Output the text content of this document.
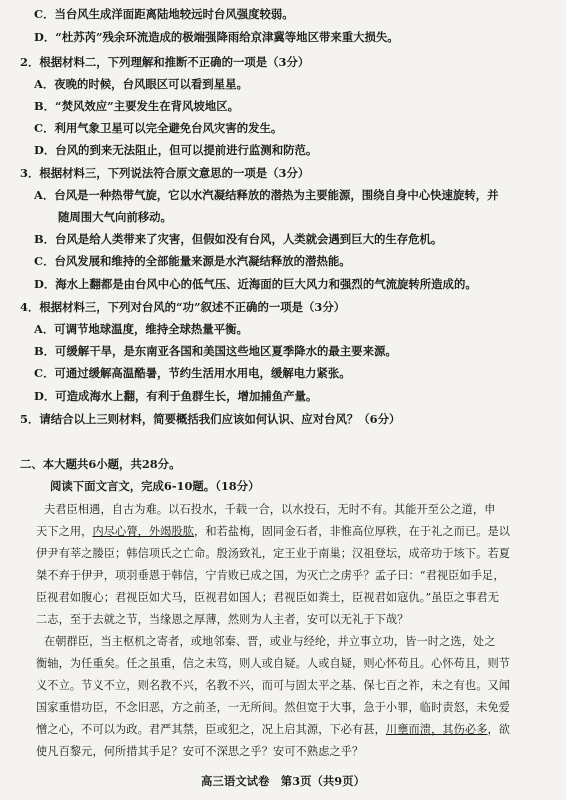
C．当台风生成洋面距离陆地较远时台风强度较弱。
D．“杜苏芮”残余环流造成的极端强降雨给京津冀等地区带来重大损失。
2．根据材料二，下列理解和推断不正确的一项是（3分）
A．夜晚的时候，台风眼区可以看到星星。
B．“焚风效应”主要发生在背风坡地区。
C．利用气象卫星可以完全避免台风灾害的发生。
D．台风的到来无法阻止，但可以提前进行监测和防范。
3．根据材料三，下列说法符合原文意思的一项是（3分）
A．台风是一种热带气旋，它以水汽凝结释放的潜热为主要能源，围绕自身中心快速旋转，并
随周围大气向前移动。
B．台风是给人类带来了灾害，但假如没有台风，人类就会遇到巨大的生存危机。
C．台风发展和维持的全部能量来源是水汽凝结释放的潜热能。
D．海水上翻都是由台风中心的低气压、近海面的巨大风力和强烈的气流旋转所造成的。
4．根据材料三，下列对台风的“功”叙述不正确的一项是（3分）
A．可调节地球温度，维持全球热量平衡。
B．可缓解干旱，是东南亚各国和美国这些地区夏季降水的最主要来源。
C．可通过缓解高温酷暑，节约生活用水用电，缓解电力紧张。
D．可造成海水上翻，有利于鱼群生长，增加捕鱼产量。
5．请结合以上三则材料，简要概括我们应该如何认识、应对台风？（6分）
二、本大题共6小题，共28分。
阅读下面文言文，完成6-10题。（18分）
夫君臣相遇，自古为难。以石投水，千载一合，以水投石，无时不有。其能开至公之道，申
天下之用，内尽心膂，外竭股肱，和若盐梅，固同金石者，非惟高位厚秩，在于礼之而已。是以
伊尹有莘之媵臣；韩信项氏之亡命。殷汤致礼，定王业于南巢；汉祖登坛，成帝功于垓下。若夏
桀不弃于伊尹，项羽垂恩于韩信，宁肯败已成之国，为灭亡之虏乎？孟子曰：“君视臣如手足，
臣视君如腹心；君视臣如犬马，臣视君如国人；君视臣如粪土，臣视君如寇仇。”虽臣之事君无
二志，至于去就之节，当缘恩之厚薄，然则为人主者，安可以无礼于下哉？
在朝群臣，当主枢机之寄者，或地邻秦、晋，或业与经纶，并立事立功，皆一时之选，处之
衡轴，为任重矣。任之虽重，信之未笃，则人或自疑。人或自疑，则心怀苟且。心怀苟且，则节
义不立。节义不立，则名教不兴，名教不兴，而可与固太平之基、保七百之祚，未之有也。又闻
国家重惜功臣，不念旧恶，方之前圣，一无所间。然但宽于大事，急于小罪，临时责怒，未免爱
憎之心，不可以为政。君严其禁，臣或犯之，况上启其源，下必有甚，川壅而溃，其伤必多，欲
使凡百黎元，何所措其手足？安可不深思之乎？安可不熟虑之乎？
高三语文试卷　第3页（共9页）
